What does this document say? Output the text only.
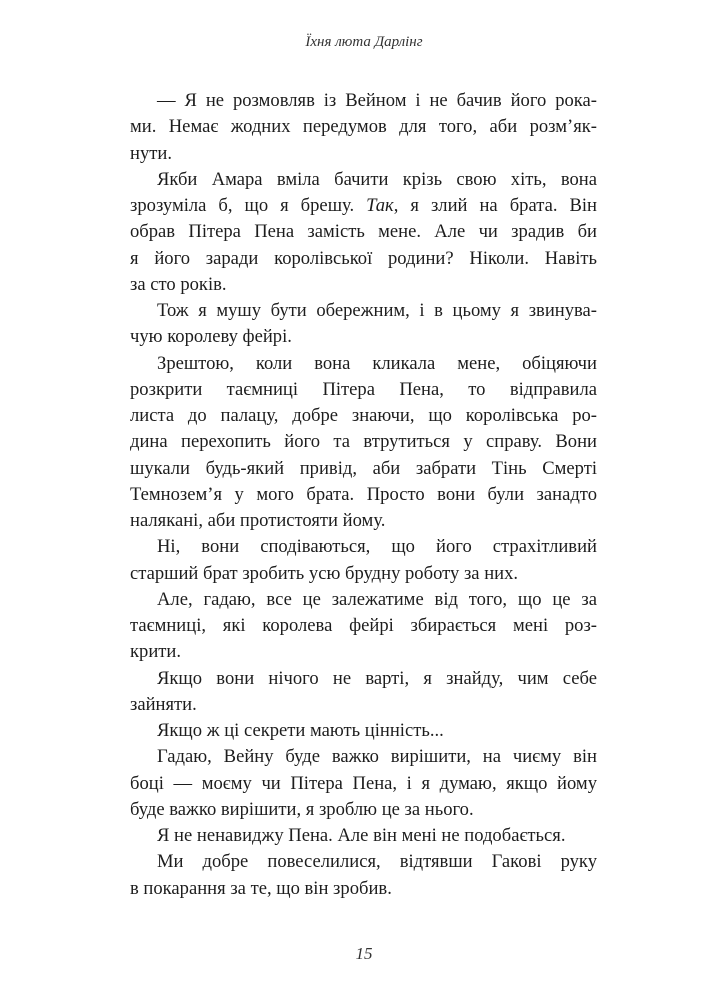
Їхня люта Дарлінг
— Я не розмовляв із Вейном і не бачив його рока-
ми. Немає жодних передумов для того, аби розм’як-
нути.
Якби Амара вміла бачити крізь свою хіть, вона
зрозуміла б, що я брешу. Так, я злий на брата. Він
обрав Пітера Пена замість мене. Але чи зрадив би
я його заради королівської родини? Ніколи. Навіть
за сто років.
Тож я мушу бути обережним, і в цьому я звинува-
чую королеву фейрі.
Зрештою, коли вона кликала мене, обіцяючи
розкрити таємниці Пітера Пена, то відправила
листа до палацу, добре знаючи, що королівська ро-
дина перехопить його та втрутиться у справу. Вони
шукали будь-який привід, аби забрати Тінь Смерті
Темнозем’я у мого брата. Просто вони були занадто
налякані, аби протистояти йому.
Ні, вони сподіваються, що його страхітливий
старший брат зробить усю брудну роботу за них.
Але, гадаю, все це залежатиме від того, що це за
таємниці, які королева фейрі збирається мені роз-
крити.
Якщо вони нічого не варті, я знайду, чим себе
зайняти.
Якщо ж ці секрети мають цінність...
Гадаю, Вейну буде важко вирішити, на чиєму він
боці — моєму чи Пітера Пена, і я думаю, якщо йому
буде важко вирішити, я зроблю це за нього.
Я не ненавиджу Пена. Але він мені не подобається.
Ми добре повеселилися, відтявши Гакові руку
в покарання за те, що він зробив.
15
